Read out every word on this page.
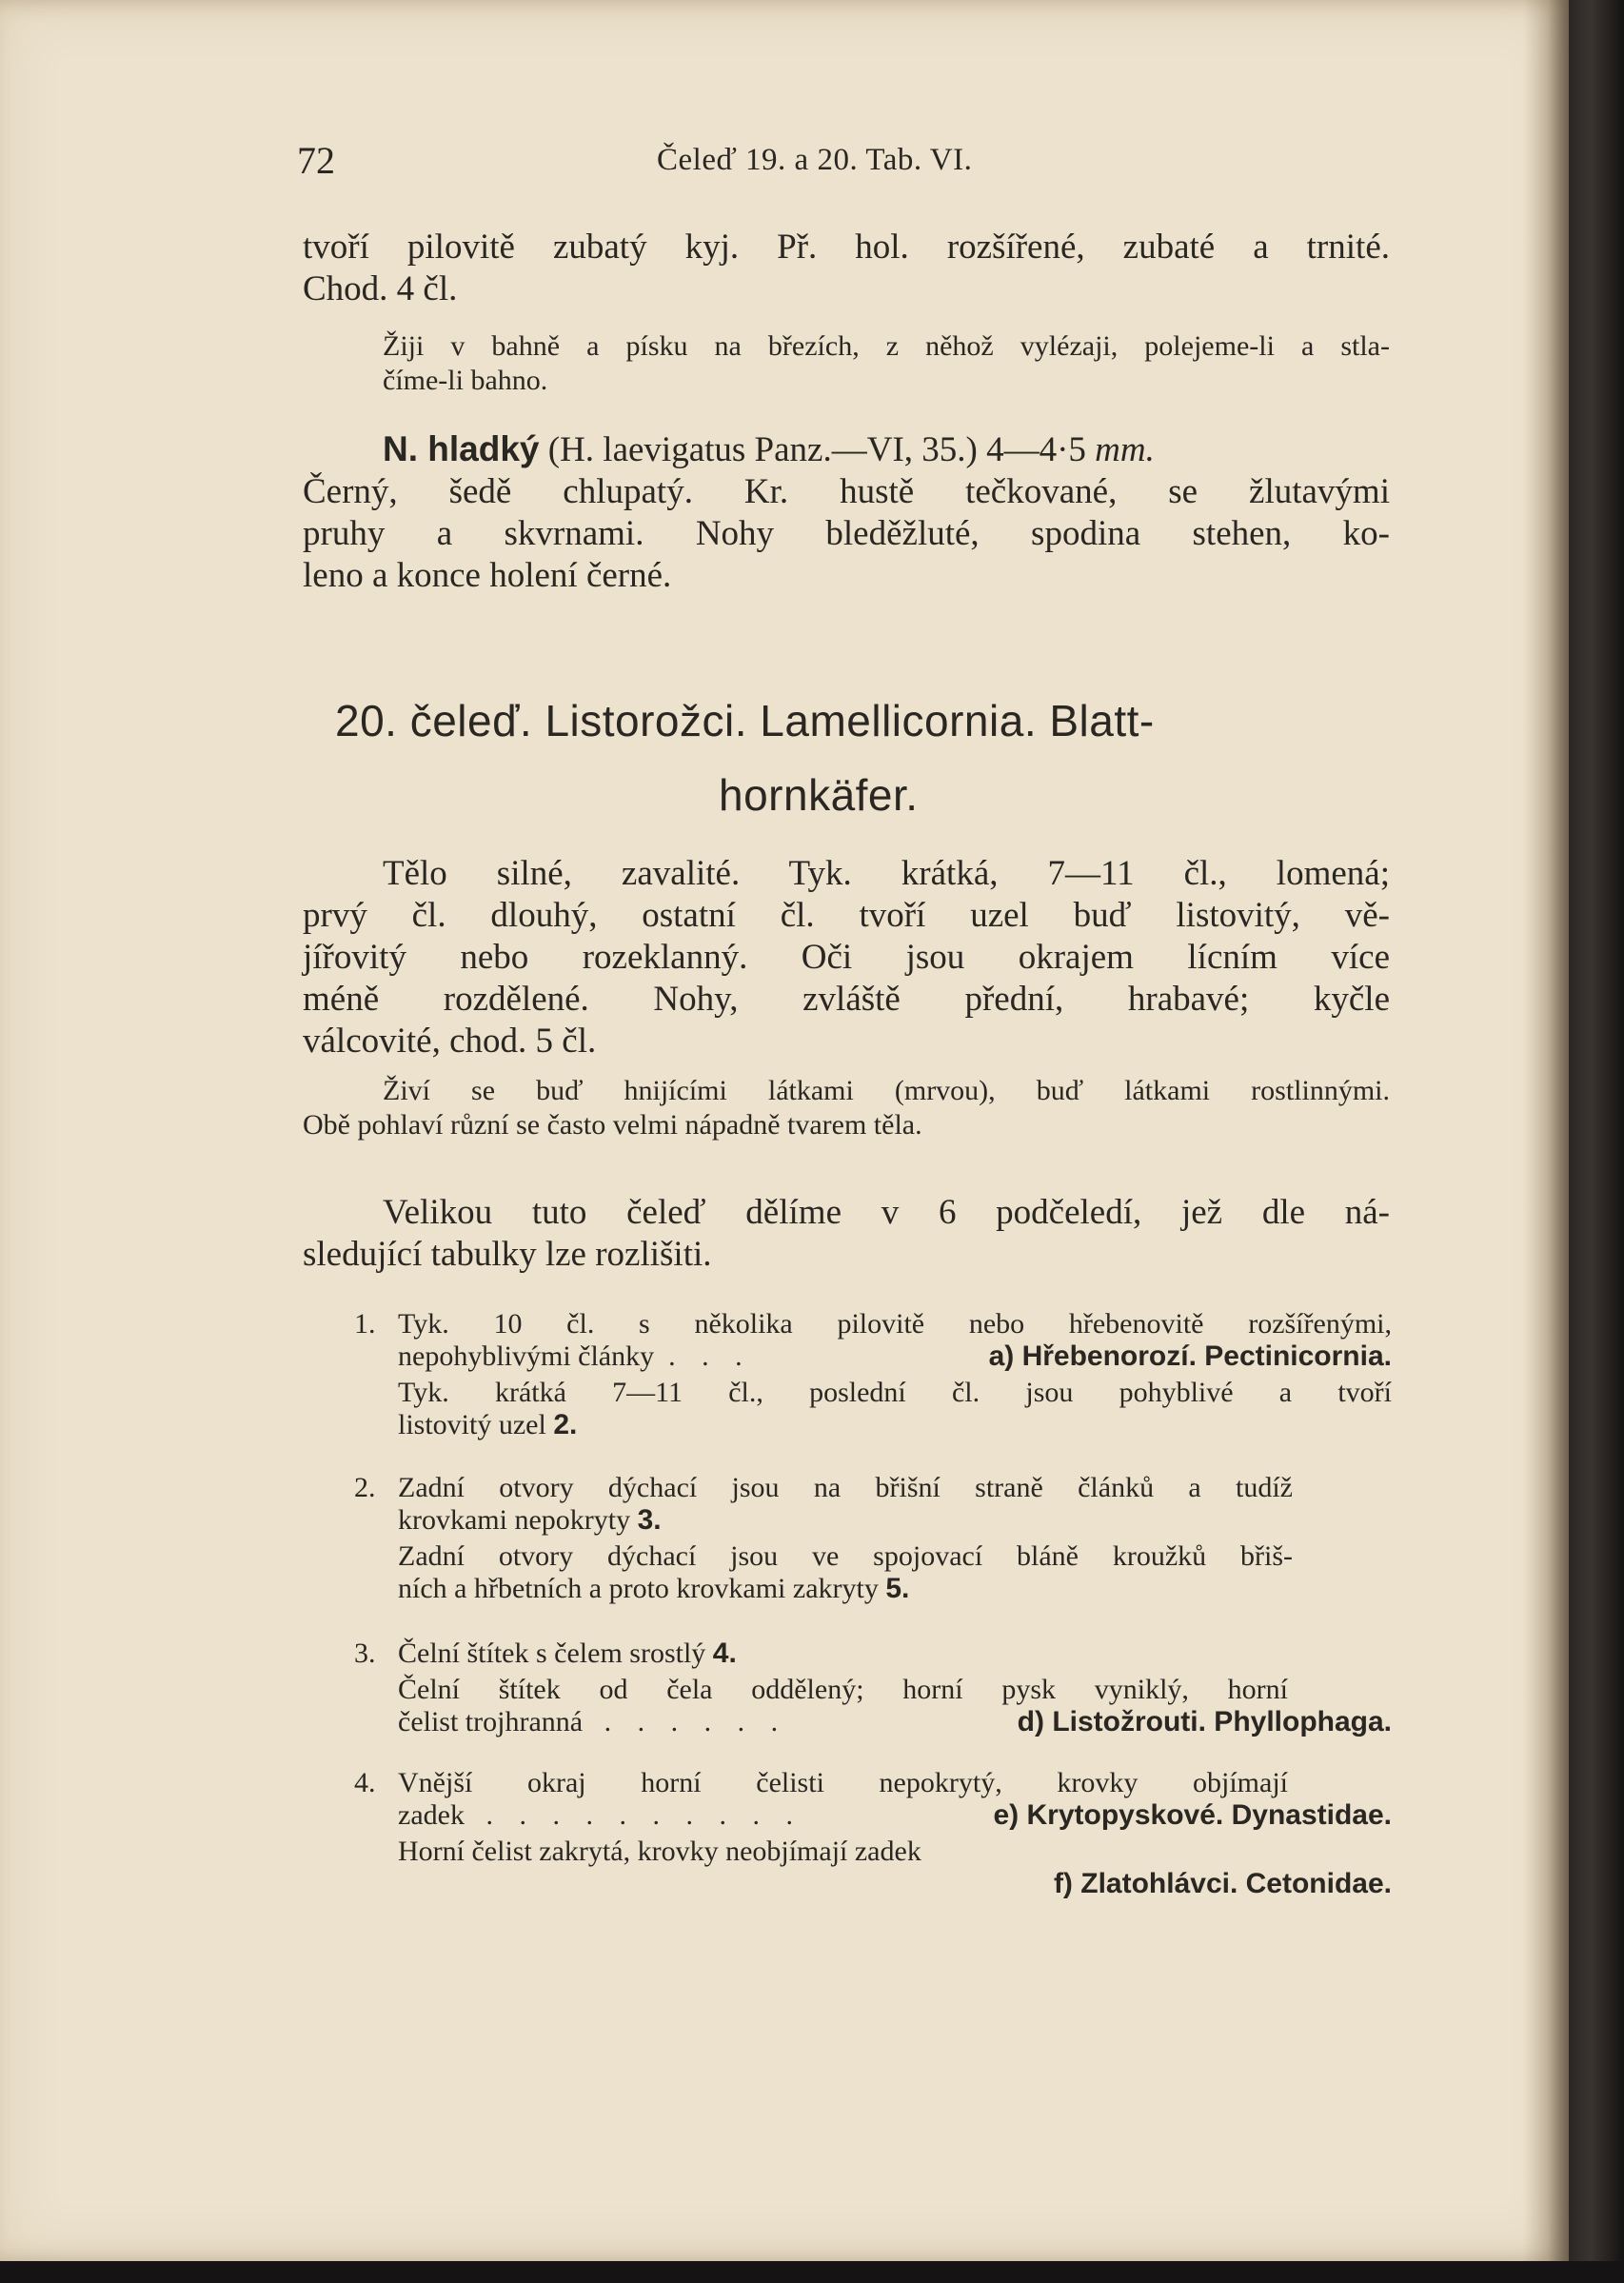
72	Čeleď 19. a 20. Tab. VI.

tvoří pilovitě zubatý kyj. Př. hol. rozšířené, zubaté a trnité.
Chod. 4 čl.
Žiji v bahně a písku na březích, z něhož vylézaji, polejeme-li a stla-
číme-li bahno.
N. hladký (H. laevigatus Panz.—VI, 35.) 4—4·5 mm.
Černý, šedě chlupatý. Kr. hustě tečkované, se žlutavými
pruhy a skvrnami. Nohy bleděžluté, spodina stehen, ko-
leno a konce holení černé.

20. čeleď. Listorožci. Lamellicornia. Blatt-

hornkäfer.

Tělo silné, zavalité. Tyk. krátká, 7—11 čl., lomená;
prvý čl. dlouhý, ostatní čl. tvoří uzel buď listovitý, vě-
jířovitý nebo rozeklanný. Oči jsou okrajem lícním více
méně rozdělené. Nohy, zvláště přední, hrabavé; kyčle
válcovité, chod. 5 čl.
Živí se buď hnijícími látkami (mrvou), buď látkami rostlinnými.
Obě pohlaví různí se často velmi nápadně tvarem těla.
Velikou tuto čeleď dělíme v 6 podčeledí, jež dle ná-
sledující tabulky lze rozlišiti.
1. Tyk. 10 čl. s několika pilovitě nebo hřebenovitě rozšířenými,
nepohyblivými články . . .	a) Hřebenorozí. Pectinicornia.
Tyk. krátká 7—11 čl., poslední čl. jsou pohyblivé a tvoří
listovitý uzel 2.
2. Zadní otvory dýchací jsou na břišní straně článků a tudíž
krovkami nepokryty 3.
Zadní otvory dýchací jsou ve spojovací bláně kroužků břiš-
ních a hřbetních a proto krovkami zakryty 5.
3. Čelní štítek s čelem srostlý 4.
Čelní štítek od čela oddělený; horní pysk vyniklý, horní
čelist trojhranná . . . . . .	d) Listožrouti. Phyllophaga.
4. Vnější okraj horní čelisti nepokrytý, krovky objímají
zadek . . . . . . . . . .	e) Krytopyskové. Dynastidae.
Horní čelist zakrytá, krovky neobjímají zadek
f) Zlatohlávci. Cetonidae.
